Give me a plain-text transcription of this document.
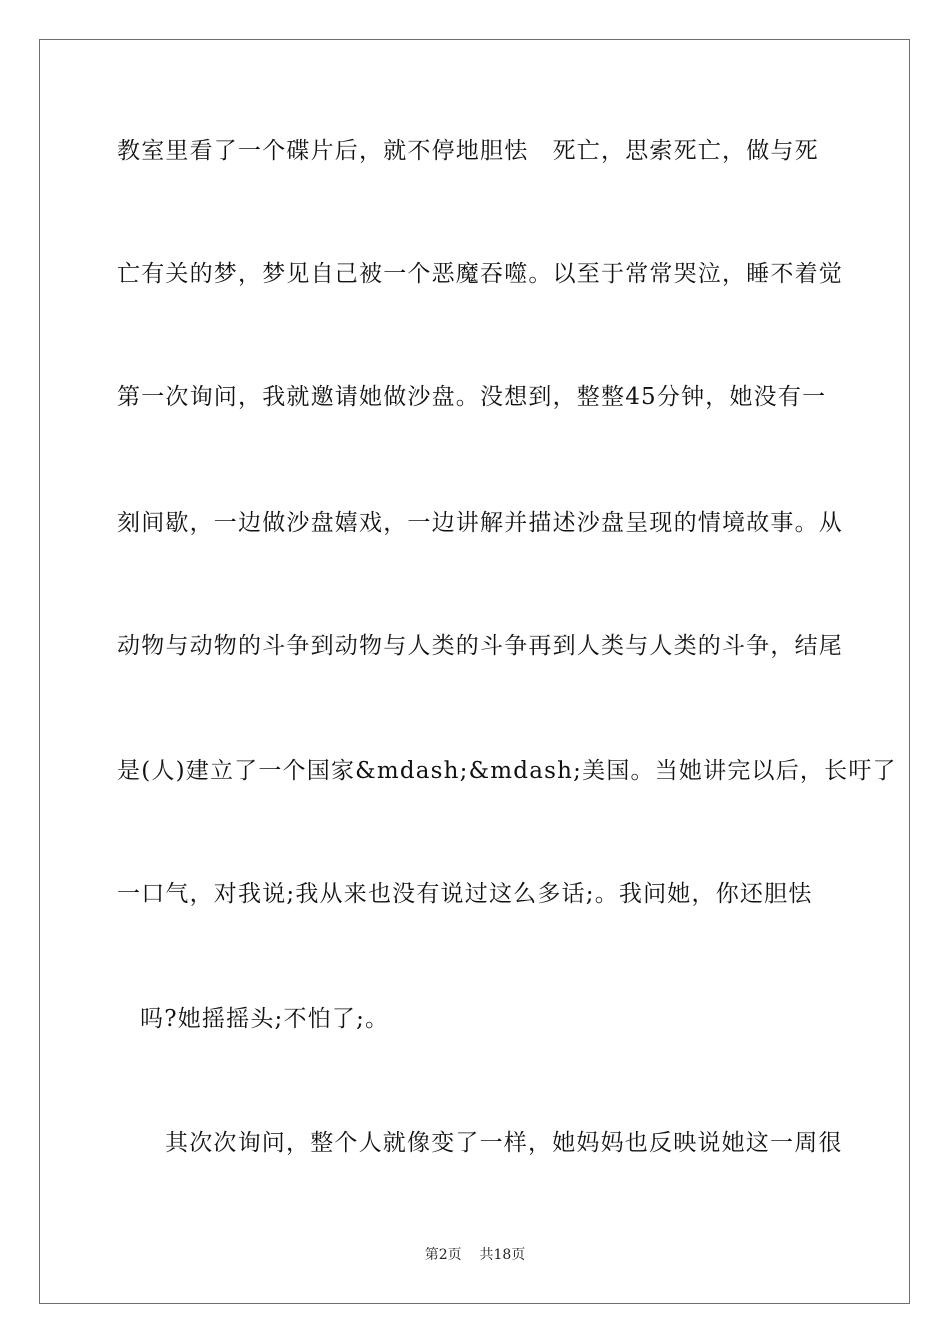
教室里看了一个碟片后，就不停地胆怯　死亡，思索死亡，做与死
亡有关的梦，梦见自己被一个恶魔吞噬。以至于常常哭泣，睡不着觉
第一次询问，我就邀请她做沙盘。没想到，整整45分钟，她没有一
刻间歇，一边做沙盘嬉戏，一边讲解并描述沙盘呈现的情境故事。从
动物与动物的斗争到动物与人类的斗争再到人类与人类的斗争，结尾
是(人)建立了一个国家&mdash;&mdash;美国。当她讲完以后，长吁了
一口气，对我说;我从来也没有说过这么多话;。我问她，你还胆怯
吗?她摇摇头;不怕了;。
其次次询问，整个人就像变了一样，她妈妈也反映说她这一周很
第2页 共18页
